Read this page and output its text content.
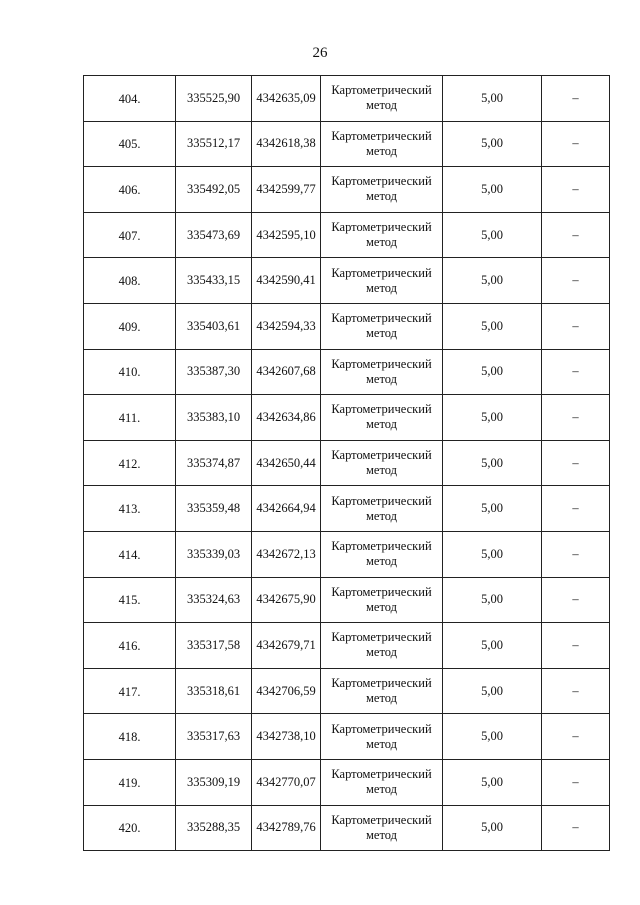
26
404.	335525,90	4342635,09	Картометрический метод	5,00	–
405.	335512,17	4342618,38	Картометрический метод	5,00	–
406.	335492,05	4342599,77	Картометрический метод	5,00	–
407.	335473,69	4342595,10	Картометрический метод	5,00	–
408.	335433,15	4342590,41	Картометрический метод	5,00	–
409.	335403,61	4342594,33	Картометрический метод	5,00	–
410.	335387,30	4342607,68	Картометрический метод	5,00	–
411.	335383,10	4342634,86	Картометрический метод	5,00	–
412.	335374,87	4342650,44	Картометрический метод	5,00	–
413.	335359,48	4342664,94	Картометрический метод	5,00	–
414.	335339,03	4342672,13	Картометрический метод	5,00	–
415.	335324,63	4342675,90	Картометрический метод	5,00	–
416.	335317,58	4342679,71	Картометрический метод	5,00	–
417.	335318,61	4342706,59	Картометрический метод	5,00	–
418.	335317,63	4342738,10	Картометрический метод	5,00	–
419.	335309,19	4342770,07	Картометрический метод	5,00	–
420.	335288,35	4342789,76	Картометрический метод	5,00	–
